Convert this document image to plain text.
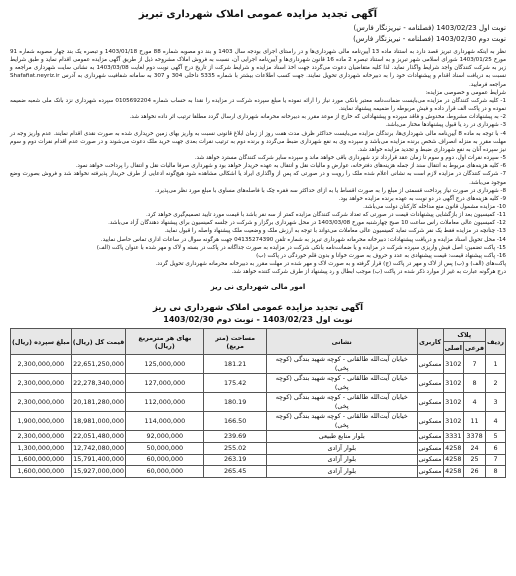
آگهی تجدید مزایده عمومی املاک شهرداری تبریز
نوبت اول 1403/02/23 (فصلنامه - نیریزنگار فارس)
نوبت دوم 1403/02/30 (فصلنامه - نیریزنگار فارس)

نظر به اینکه شهرداری تبریز قصد دارد به استناد ماده 13 آیین‌نامه مالی شهرداری‌ها و در راستای اجرای بودجه سال 1403 و بند دو مصوبه شماره 88 مورخ 1403/01/18 و تبصره یک بند چهار مصوبه شماره 91 مورخ 1403/01/25 شورای اسلامی شهر تبریز و به استناد تبصره 2 ماده 16 قانون شهرداری‌ها و آیین‌نامه اجرایی آن، نسبت به فروش املاک مشروحه ذیل از طریق آگهی مزایده عمومی اقدام نماید و طبق شرایط زیر به شرکت کنندگان واجد شرایط واگذار نماید. لذا کلیه متقاضیان دعوت می‌گردد جهت اخذ اسناد مزایده و شرایط شرکت از تاریخ درج آگهی نوبت دوم لغایت 1403/03/08 به نشانی سایت شهرداری مراجعه و نسبت به دریافت اسناد اقدام و پیشنهادات خود را به دبیرخانه شهرداری تحویل نمایند. جهت کسب اطلاعات بیشتر با شماره 5335 داخلی 304 و 307 به سامانه شفافیت شهرداری به آدرس Shafafiat.neyriz.ir مراجعه فرمایید.

شرایط عمومی و خصوصی مزایده:

1- کلیه شرکت کنندگان در مزایده می‌بایست ضمانت‌نامه معتبر بانکی مورد نیاز را ارائه نموده یا مبلغ سپرده شرکت در مزایده را نقدا به حساب شماره 0105692204 سپرده شهرداری نزد بانک ملی شعبه ضمیمه نموده و در پاکت الف قرار داده و فیش مربوطه را ضمیمه پیشنهاد نمایند.

2- به پیشنهادات مشروط، مخدوش و فاقد سپرده و پیشنهاداتی که خارج از موعد مقرر به دبیرخانه محرمانه شهرداری ارسال گردد مطلقا ترتیب اثر داده نخواهد شد.

3- شهرداری در رد یا قبول پیشنهادها مختار می‌باشد.

4- با توجه به ماده 8 آیین‌نامه مالی شهرداری‌ها، برندگان مزایده می‌بایست حداکثر ظرف مدت هفت روز از زمان ابلاغ قانونی نسبت به واریز بهای زمین خریداری شده به صورت نقدی اقدام نمایند. عدم واریز وجه در مهلت مقرر به منزله انصراف شخص برنده مزایده می‌باشد و سپرده وی به نفع شهرداری ضبط می‌گردد و برنده دوم به ترتیب نفرات بعدی جهت خرید ملک دعوت می‌شوند و در صورت عدم اقدام نفرات دوم و سوم نیز سپرده آنان به نفع شهرداری ضبط و تجدید مزایده خواهد شد.

5- سپرده نفرات اول، دوم و سوم تا زمان عقد قرارداد نزد شهرداری باقی خواهد ماند و سپرده سایر شرکت کنندگان مسترد خواهد شد.

6- کلیه هزینه‌های مربوط به انتقال سند از جمله هزینه‌های دفترخانه، عوارض و مالیات نقل و انتقال به عهده خریدار خواهد بود و شهرداری صرفا مالیات نقل و انتقال را پرداخت خواهد نمود.

7- شرکت کنندگان در مزایده لازم است به نشانی اعلام شده ملک را رویت و در صورتی که پس از واگذاری ایراد یا اشکالی مشاهده شود هیچ‌گونه ادعایی از طرف خریدار پذیرفته نخواهد شد و فروش بصورت وضع موجود می‌باشد.

8- شهرداری در صورت نیاز پرداخت قسمتی از مبلغ را به صورت اقساط یا به ازای حداکثر سه فقره چک با فاصله‌های مساوی با مبلغ مورد نظر می‌پذیرد.

9- کلیه هزینه‌های درج آگهی در دو نوبت به عهده برنده مزایده خواهد بود.

10- مزایده مشمول قانون منع مداخله کارکنان دولت می‌باشد.

11- کمیسیون بعد از بازگشایی پیشنهادات قیمت در صورتی که تعداد شرکت کنندگان مزایده کمتر از سه نفر باشد با قیمت مورد تایید تصمیم‌گیری خواهد کرد.

12- کمیسیون عالی معاملات راس ساعت 10 صبح چهارشنبه مورخ 1403/03/08 در محل شهرداری برگزار و شرکت در جلسه کمیسیون برای پیشنهاد دهندگان آزاد می‌باشد.

13- چنانچه در مزایده فقط یک نفر شرکت نماید کمیسیون عالی معاملات می‌تواند با توجه به ارزش ملک و وضعیت ملک پیشنهاد واصله را قبول نماید.

14- محل تحویل اسناد مزایده و دریافت پیشنهادات: دبیرخانه محرمانه شهرداری تبریز به شماره تلفن 04135274390 جهت هرگونه سوال در ساعات اداری تماس حاصل نمایید.

15- پاکت تضمین: اصل فیش واریزی سپرده شرکت در مزایده و یا ضمانت‌نامه بانکی شرکت در مزایده به صورت جداگانه در پاکت در بسته و لاک و مهر شده با عنوان پاکت (الف)

16- پاکت پیشنهاد قیمت: قیمت پیشنهادی به عدد و حروف به صورت خوانا و بدون قلم خوردگی در پاکت (ب)

پاکت‌های (الف) و (ب) پس از لاک و مهر در پاکت (ج) قرار گرفته و به صورت لاک و مهر شده در مهلت مقرر به دبیرخانه محرمانه شهرداری تحویل گردد.

درج هرگونه عبارت به غیر از موارد ذکر شده در پاکت (ب) موجب ابطال و رد پیشنهاد از طرف شرکت کننده خواهد شد.

امور مالی شهرداری نی ریز
آگهی تجدید مزایده عمومی املاک شهرداری نی ریز
نوبت اول 1403/02/23 - نوبت دوم 1403/02/30
ردیف	پلاک		کاربری	نشانی	مساحت (متر مربع)	بهای هر مترمربع (ریال)	قیمت کل (ریال)	مبلغ سپرده (ریال)
	فرعی	اصلی						
1	7	3102	مسکونی	خیابان آیت‌الله طالقانی - کوچه شهید بندگی (کوچه پخی)	181.21	125,000,000	22,651,250,000	2,300,000,000
2	8	3102	مسکونی	خیابان آیت‌الله طالقانی - کوچه شهید بندگی (کوچه پخی)	175.42	127,000,000	22,278,340,000	2,300,000,000
3	4	3102	مسکونی	خیابان آیت‌الله طالقانی - کوچه شهید بندگی (کوچه پخی)	180.19	112,000,000	20,181,280,000	2,300,000,000
4	11	3102	مسکونی	خیابان آیت‌الله طالقانی - کوچه شهید بندگی (کوچه پخی)	166.50	114,000,000	18,981,000,000	1,900,000,000
5	3378	3331	مسکونی	بلوار منابع طبیعی	239.69	92,000,000	22,051,480,000	2,300,000,000
6	24	4258	مسکونی	بلوار آزادی	255.02	50,000,000	12,742,080,000	1,300,000,000
7	25	4258	مسکونی	بلوار آزادی	263.19	60,000,000	15,791,400,000	1,600,000,000
8	26	4258	مسکونی	بلوار آزادی	265.45	60,000,000	15,927,000,000	1,600,000,000
